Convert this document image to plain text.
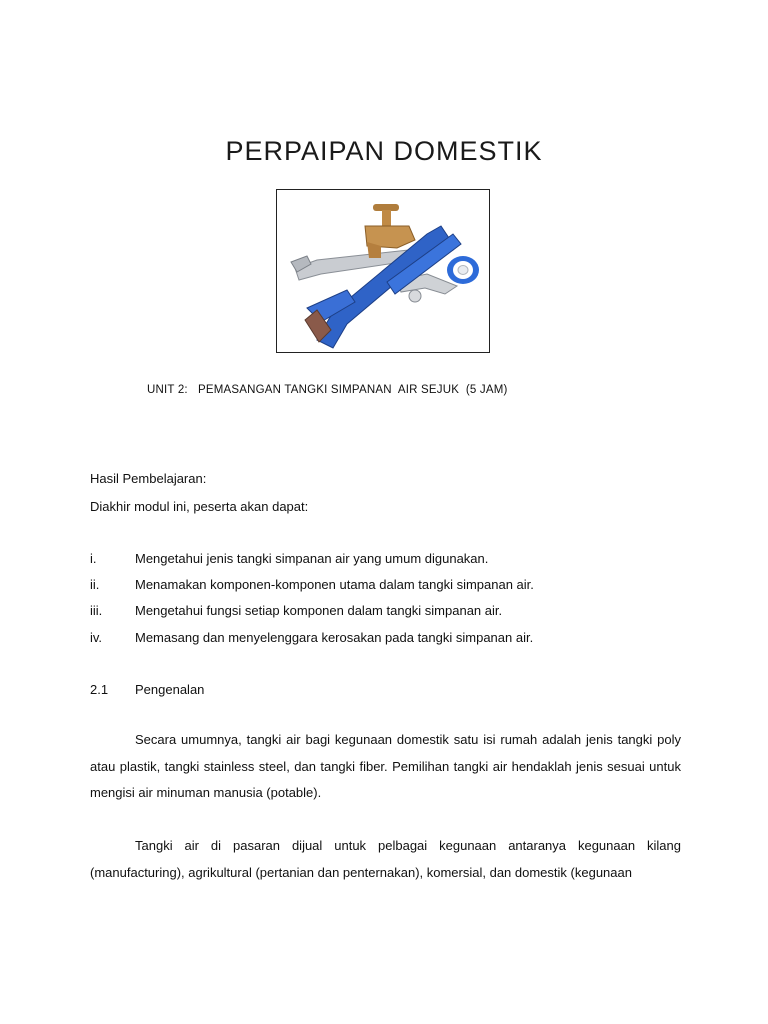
PERPAIPAN DOMESTIK
UNIT 2:   PEMASANGAN TANGKI SIMPANAN  AIR SEJUK  (5 JAM)
Hasil Pembelajaran:
Diakhir modul ini, peserta akan dapat:
i.	Mengetahui jenis tangki simpanan air yang umum digunakan.
ii.	Menamakan komponen-komponen utama dalam tangki simpanan air.
iii.	Mengetahui fungsi setiap komponen dalam tangki simpanan air.
iv.	Memasang dan menyelenggara kerosakan pada tangki simpanan air.
2.1 Pengenalan

Secara umumnya, tangki air bagi kegunaan domestik satu isi rumah adalah jenis tangki poly atau plastik, tangki stainless steel, dan tangki fiber. Pemilihan tangki air hendaklah jenis sesuai untuk mengisi air minuman manusia (potable).

Tangki air di pasaran dijual untuk pelbagai kegunaan antaranya kegunaan kilang (manufacturing), agrikultural (pertanian dan penternakan), komersial, dan domestik (kegunaan
